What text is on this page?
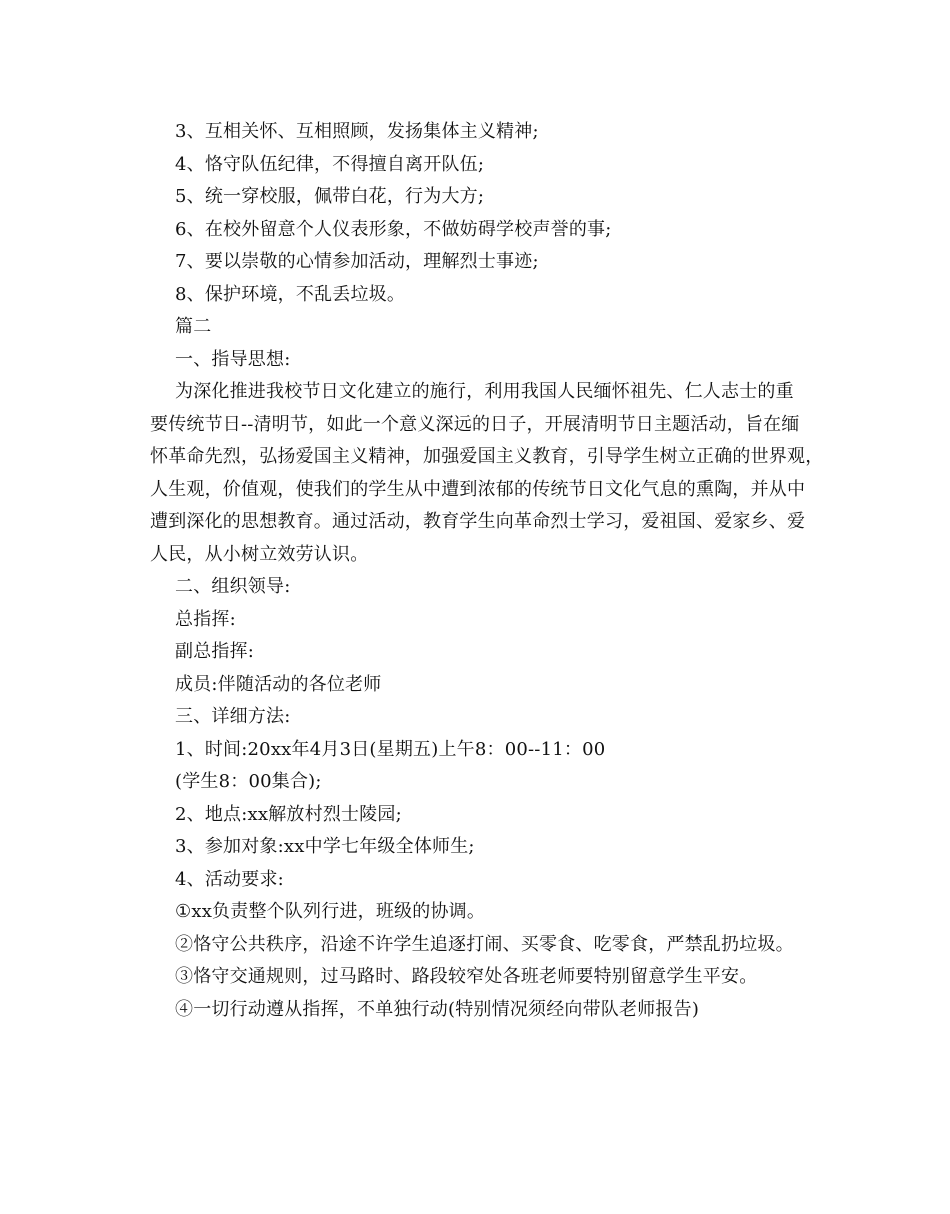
3、互相关怀、互相照顾，发扬集体主义精神;
4、恪守队伍纪律，不得擅自离开队伍;
5、统一穿校服，佩带白花，行为大方;
6、在校外留意个人仪表形象，不做妨碍学校声誉的事;
7、要以崇敬的心情参加活动，理解烈士事迹;
8、保护环境，不乱丢垃圾。
篇二
一、指导思想:
为深化推进我校节日文化建立的施行，利用我国人民缅怀祖先、仁人志士的重
要传统节日--清明节，如此一个意义深远的日子，开展清明节日主题活动，旨在缅
怀革命先烈，弘扬爱国主义精神，加强爱国主义教育，引导学生树立正确的世界观，
人生观，价值观，使我们的学生从中遭到浓郁的传统节日文化气息的熏陶，并从中
遭到深化的思想教育。通过活动，教育学生向革命烈士学习，爱祖国、爱家乡、爱
人民，从小树立效劳认识。
二、组织领导:
总指挥:
副总指挥:
成员:伴随活动的各位老师
三、详细方法:
1、时间:20xx年4月3日(星期五)上午8：00--11：00
(学生8：00集合);
2、地点:xx解放村烈士陵园;
3、参加对象:xx中学七年级全体师生;
4、活动要求:
①xx负责整个队列行进，班级的协调。
②恪守公共秩序，沿途不许学生追逐打闹、买零食、吃零食，严禁乱扔垃圾。
③恪守交通规则，过马路时、路段较窄处各班老师要特别留意学生平安。
④一切行动遵从指挥，不单独行动(特别情况须经向带队老师报告)
